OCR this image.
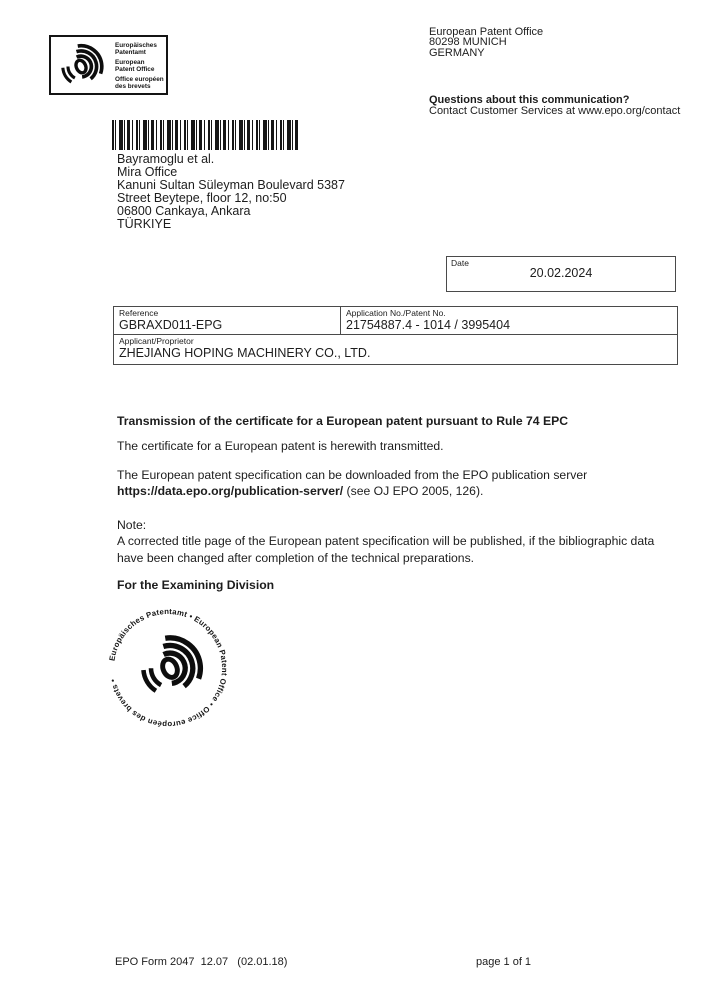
Europäisches
Patentamt
European
Patent Office
Office européen
des brevets
European Patent Office
80298 MUNICH
GERMANY
Questions about this communication?
Contact Customer Services at www.epo.org/contact
Bayramoglu et al.
Mira Office
Kanuni Sultan Süleyman Boulevard 5387
Street Beytepe, floor 12, no:50
06800 Cankaya, Ankara
TÜRKIYE
Date
20.02.2024
Reference
GBRAXD011-EPG
Application No./Patent No.
21754887.4 - 1014 / 3995404
Applicant/Proprietor
ZHEJIANG HOPING MACHINERY CO., LTD.
Transmission of the certificate for a European patent pursuant to Rule 74 EPC
The certificate for a European patent is herewith transmitted.
The European patent specification can be downloaded from the EPO publication server
https://data.epo.org/publication-server/ (see OJ EPO 2005, 126).
Note:
A corrected title page of the European patent specification will be published, if the bibliographic data
have been changed after completion of the technical preparations.
For the Examining Division
Europäisches Patentamt • European Patent Office • Office européen des brevets •
EPO Form 2047  12.07   (02.01.18)	page 1 of 1
